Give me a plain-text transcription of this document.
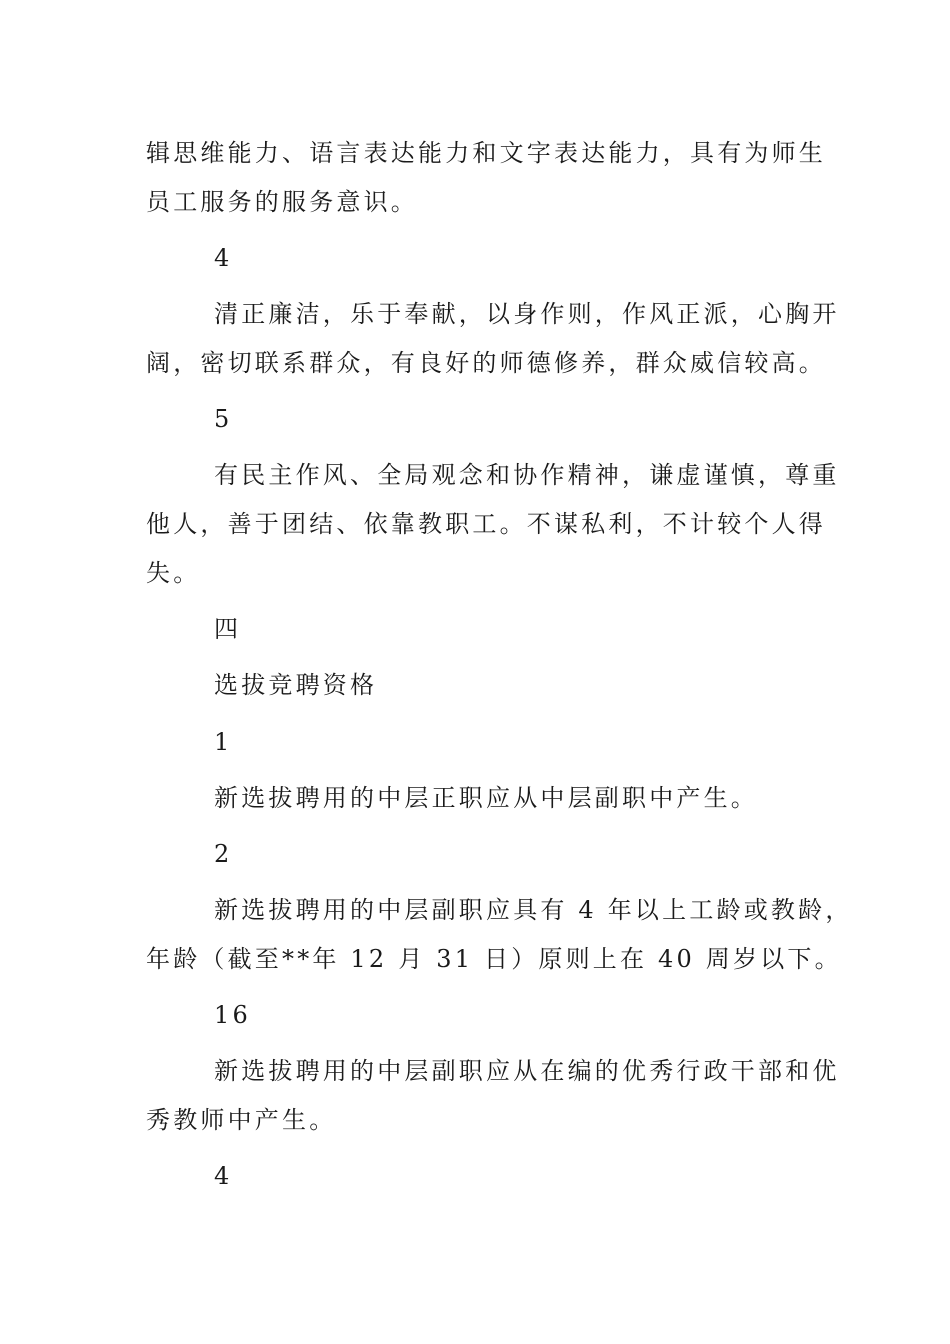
辑思维能力、语言表达能力和文字表达能力，具有为师生
员工服务的服务意识。
4
清正廉洁，乐于奉献，以身作则，作风正派，心胸开
阔，密切联系群众，有良好的师德修养，群众威信较高。
5
有民主作风、全局观念和协作精神，谦虚谨慎，尊重
他人，善于团结、依靠教职工。不谋私利，不计较个人得
失。
四
选拔竞聘资格
1
新选拔聘用的中层正职应从中层副职中产生。
2
新选拔聘用的中层副职应具有 4 年以上工龄或教龄，
年龄（截至**年 12 月 31 日）原则上在 40 周岁以下。
16
新选拔聘用的中层副职应从在编的优秀行政干部和优
秀教师中产生。
4
